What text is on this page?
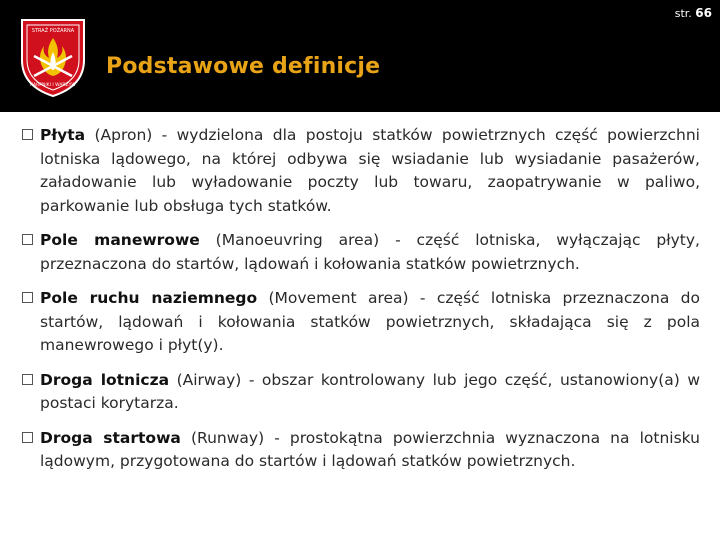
str. 66
STRAŻ POŻARNA
KARPNIKI I WARZYW
Podstawowe definicje
Płyta (Apron) - wydzielona dla postoju statków powietrznych część powierzchni lotniska lądowego, na której odbywa się wsiadanie lub wysiadanie pasażerów, załadowanie lub wyładowanie poczty lub towaru, zaopatrywanie w paliwo, parkowanie lub obsługa tych statków.
Pole manewrowe (Manoeuvring area) - część lotniska, wyłączając płyty, przeznaczona do startów, lądowań i kołowania statków powietrznych.
Pole ruchu naziemnego (Movement area) - część lotniska przeznaczona do startów, lądowań i kołowania statków powietrznych, składająca się z pola manewrowego i płyt(y).
Droga lotnicza (Airway) - obszar kontrolowany lub jego część, ustanowiony(a) w postaci korytarza.
Droga startowa (Runway) - prostokątna powierzchnia wyznaczona na lotnisku lądowym, przygotowana do startów i lądowań statków powietrznych.
